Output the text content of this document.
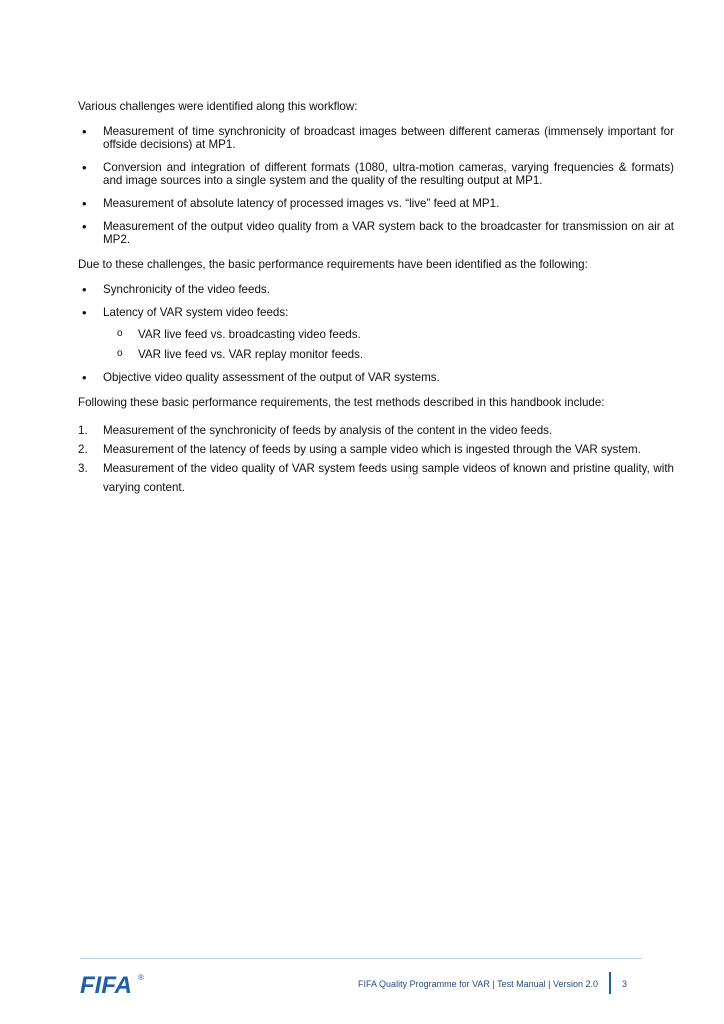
Various challenges were identified along this workflow:

• Measurement of time synchronicity of broadcast images between different cameras (immensely important for offside decisions) at MP1.
• Conversion and integration of different formats (1080, ultra-motion cameras, varying frequencies & formats) and image sources into a single system and the quality of the resulting output at MP1.
• Measurement of absolute latency of processed images vs. “live” feed at MP1.
• Measurement of the output video quality from a VAR system back to the broadcaster for transmission on air at MP2.

Due to these challenges, the basic performance requirements have been identified as the following:

• Synchronicity of the video feeds.
• Latency of VAR system video feeds:
o VAR live feed vs. broadcasting video feeds.
o VAR live feed vs. VAR replay monitor feeds.
• Objective video quality assessment of the output of VAR systems.

Following these basic performance requirements, the test methods described in this handbook include:

1. Measurement of the synchronicity of feeds by analysis of the content in the video feeds.
2. Measurement of the latency of feeds by using a sample video which is ingested through the VAR system.
3. Measurement of the video quality of VAR system feeds using sample videos of known and pristine quality, with varying content.
FIFA ®
FIFA Quality Programme for VAR | Test Manual | Version 2.0	3
